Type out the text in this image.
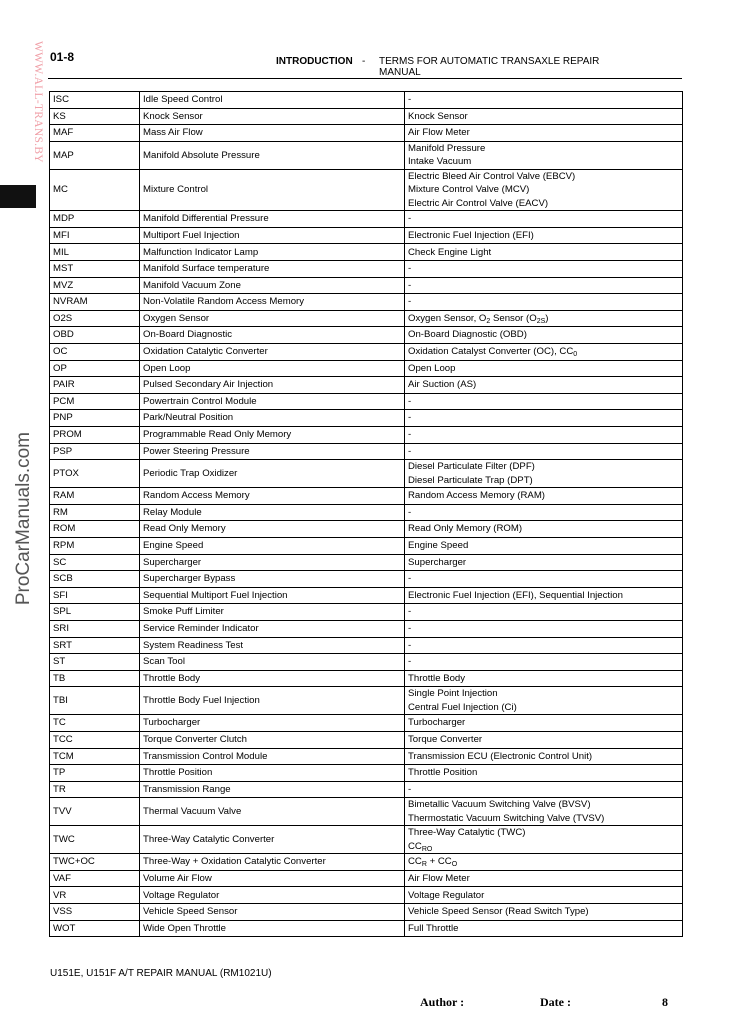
WWW.ALL-TRANS.BY
ProCarManuals.com
01-8	INTRODUCTION - TERMS FOR AUTOMATIC TRANSAXLE REPAIR
MANUAL
ISC	Idle Speed Control	-

KS	Knock Sensor	Knock Sensor

MAF	Mass Air Flow	Air Flow Meter

MAP	Manifold Absolute Pressure	Manifold Pressure
Intake Vacuum

MC	Mixture Control	Electric Bleed Air Control Valve (EBCV)
Mixture Control Valve (MCV)
Electric Air Control Valve (EACV)

MDP	Manifold Differential Pressure	-

MFI	Multiport Fuel Injection	Electronic Fuel Injection (EFI)

MIL	Malfunction Indicator Lamp	Check Engine Light

MST	Manifold Surface temperature	-

MVZ	Manifold Vacuum Zone	-

NVRAM	Non-Volatile Random Access Memory	-

O2S	Oxygen Sensor	Oxygen Sensor, $O_2$ Sensor $(O_{2S})$

OBD	On-Board Diagnostic	On-Board Diagnostic (OBD)

OC	Oxidation Catalytic Converter	Oxidation Catalyst Converter (OC), $CC_0$

OP	Open Loop	Open Loop

PAIR	Pulsed Secondary Air Injection	Air Suction (AS)

PCM	Powertrain Control Module	-

PNP	Park/Neutral Position	-

PROM	Programmable Read Only Memory	-

PSP	Power Steering Pressure	-

PTOX	Periodic Trap Oxidizer	Diesel Particulate Filter (DPF)
Diesel Particulate Trap (DPT)

RAM	Random Access Memory	Random Access Memory (RAM)

RM	Relay Module	-

ROM	Read Only Memory	Read Only Memory (ROM)

RPM	Engine Speed	Engine Speed

SC	Supercharger	Supercharger

SCB	Supercharger Bypass	-

SFI	Sequential Multiport Fuel Injection	Electronic Fuel Injection (EFI), Sequential Injection

SPL	Smoke Puff Limiter	-

SRI	Service Reminder Indicator	-

SRT	System Readiness Test	-

ST	Scan Tool	-

TB	Throttle Body	Throttle Body

TBI	Throttle Body Fuel Injection	Single Point Injection
Central Fuel Injection (Ci)

TC	Turbocharger	Turbocharger

TCC	Torque Converter Clutch	Torque Converter

TCM	Transmission Control Module	Transmission ECU (Electronic Control Unit)

TP	Throttle Position	Throttle Position

TR	Transmission Range	-

TVV	Thermal Vacuum Valve	Bimetallic Vacuum Switching Valve (BVSV)
Thermostatic Vacuum Switching Valve (TVSV)

TWC	Three-Way Catalytic Converter	Three-Way Catalytic (TWC)
$CC_{RO}$

TWC+OC	Three-Way + Oxidation Catalytic Converter	$CC_R + CC_O$

VAF	Volume Air Flow	Air Flow Meter

VR	Voltage Regulator	Voltage Regulator

VSS	Vehicle Speed Sensor	Vehicle Speed Sensor (Read Switch Type)

WOT	Wide Open Throttle	Full Throttle
U151E, U151F A/T REPAIR MANUAL (RM1021U)
Author :	Date :	8
